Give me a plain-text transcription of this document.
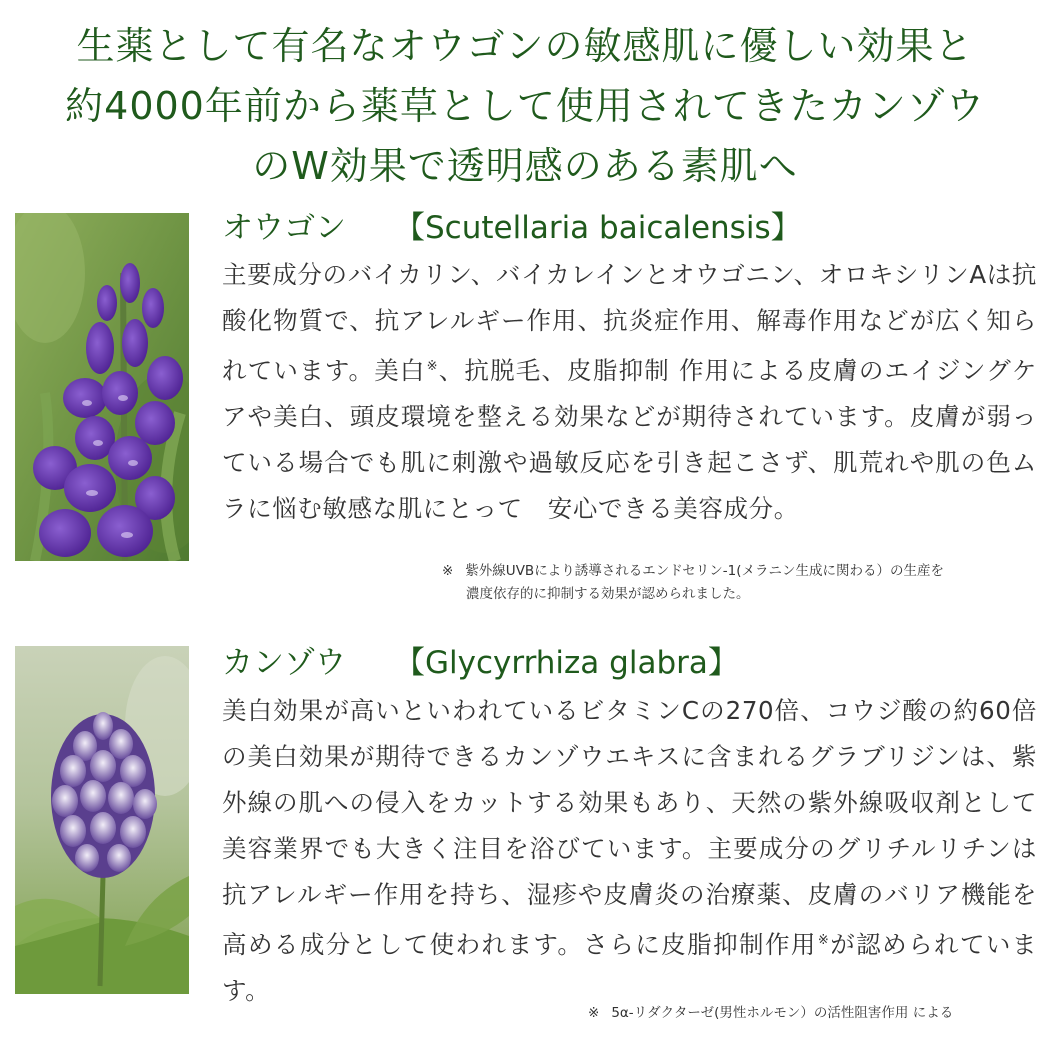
生薬として有名なオウゴンの敏感肌に優しい効果と
約4000年前から薬草として使用されてきたカンゾウ
のW効果で透明感のある素肌へ
オウゴン 【Scutellaria baicalensis】
主要成分のバイカリン、バイカレインとオウゴニン、オロキシリンAは抗酸化物質で、抗アレルギー作用、抗炎症作用、解毒作用などが広く知られています。美白※、抗脱毛、皮脂抑制 作用による皮膚のエイジングケアや美白、頭皮環境を整える効果などが期待されています。皮膚が弱っている場合でも肌に刺激や過敏反応を引き起こさず、肌荒れや肌の色ムラに悩む敏感な肌にとって　安心できる美容成分。
※ 紫外線UVBにより誘導されるエンドセリン-1(メラニン生成に関わる）の生産を
濃度依存的に抑制する効果が認められました。
カンゾウ 【Glycyrrhiza glabra】
美白効果が高いといわれているビタミンCの270倍、コウジ酸の約60倍の美白効果が期待できるカンゾウエキスに含まれるグラブリジンは、紫外線の肌への侵入をカットする効果もあり、天然の紫外線吸収剤として美容業界でも大きく注目を浴びています。主要成分のグリチルリチンは抗アレルギー作用を持ち、湿疹や皮膚炎の治療薬、皮膚のバリア機能を高める成分として使われます。さらに皮脂抑制作用※が認められています。
※ 5α-リダクターゼ(男性ホルモン）の活性阻害作用 による
